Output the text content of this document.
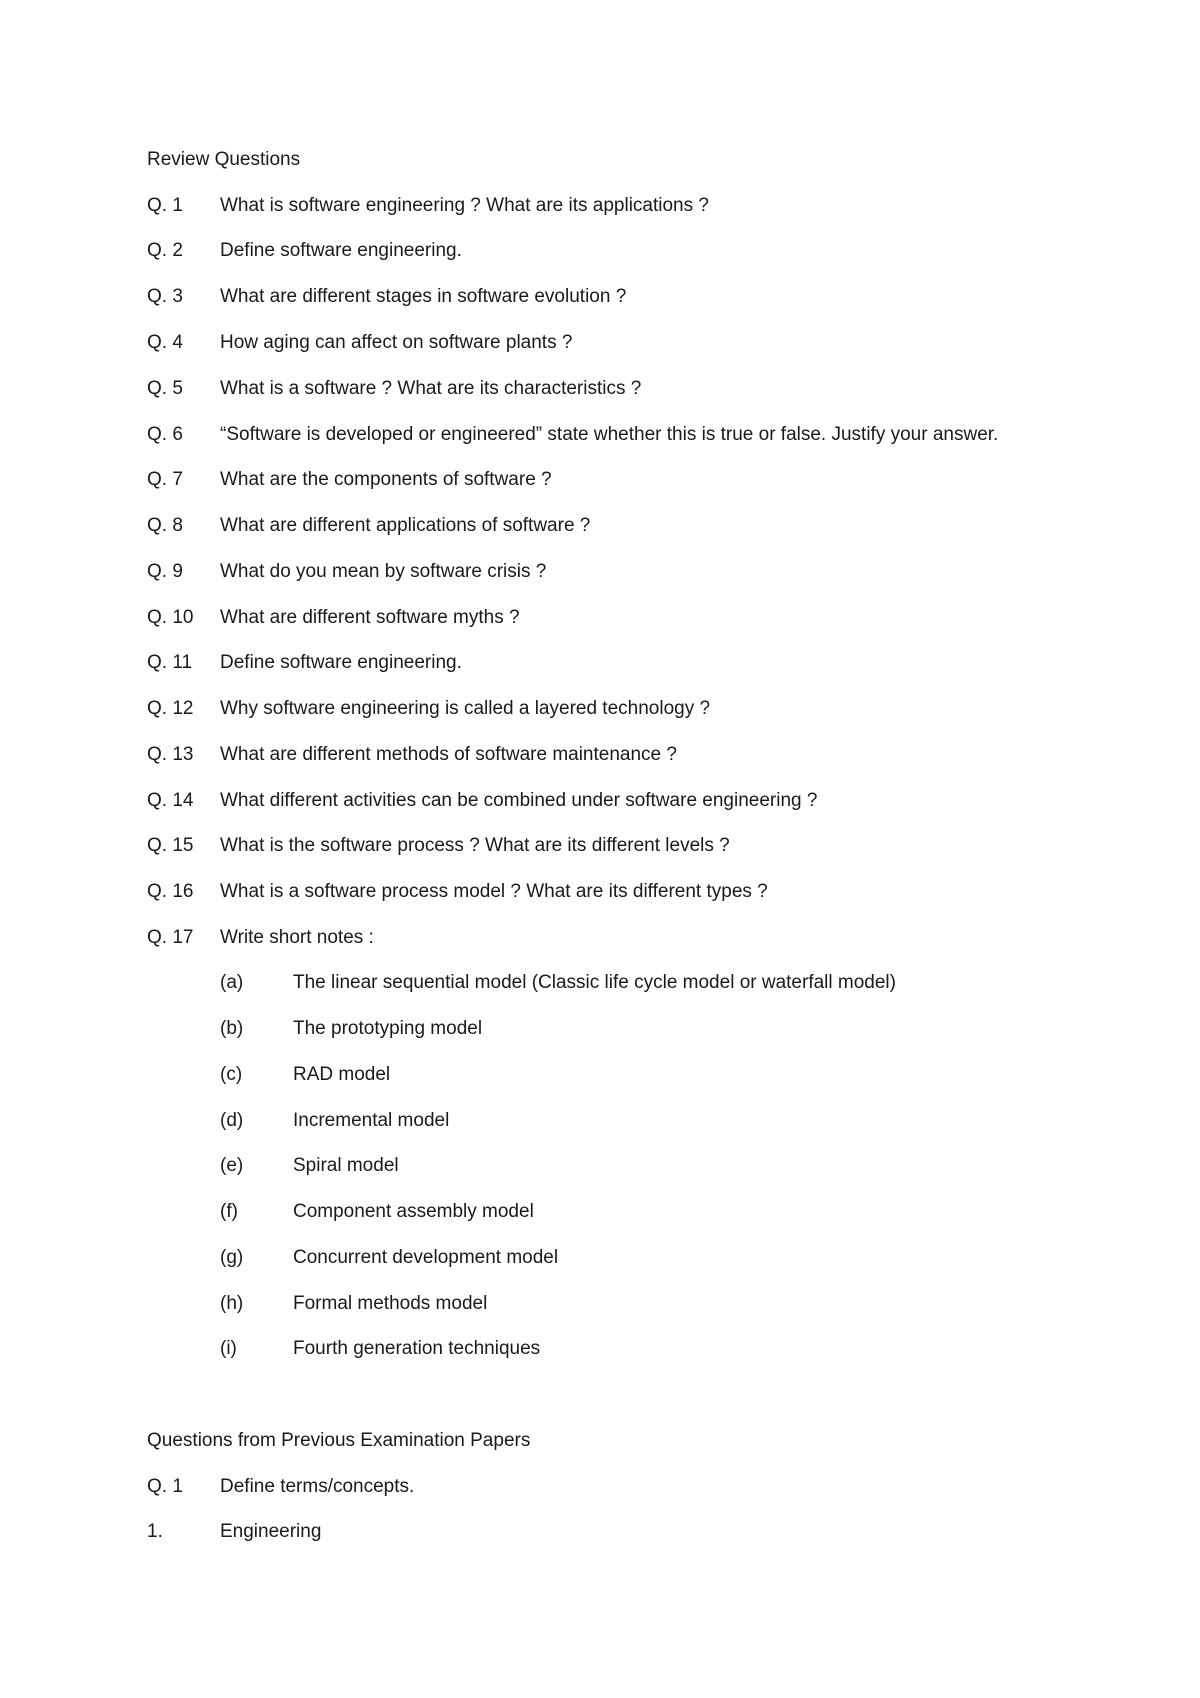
Review Questions
Q. 1 What is software engineering ? What are its applications ?
Q. 2 Define software engineering.
Q. 3 What are different stages in software evolution ?
Q. 4 How aging can affect on software plants ?
Q. 5 What is a software ? What are its characteristics ?
Q. 6 “Software is developed or engineered” state whether this is true or false. Justify your answer.
Q. 7 What are the components of software ?
Q. 8 What are different applications of software ?
Q. 9 What do you mean by software crisis ?
Q. 10 What are different software myths ?
Q. 11 Define software engineering.
Q. 12 Why software engineering is called a layered technology ?
Q. 13 What are different methods of software maintenance ?
Q. 14 What different activities can be combined under software engineering ?
Q. 15 What is the software process ? What are its different levels ?
Q. 16 What is a software process model ? What are its different types ?
Q. 17 Write short notes :
(a)	The linear sequential model (Classic life cycle model or waterfall model)
(b)	The prototyping model
(c)	RAD model
(d)	Incremental model
(e)	Spiral model
(f)	Component assembly model
(g)	Concurrent development model
(h)	Formal methods model
(i)	Fourth generation techniques
Questions from Previous Examination Papers
Q. 1 Define terms/concepts.
1.	Engineering
